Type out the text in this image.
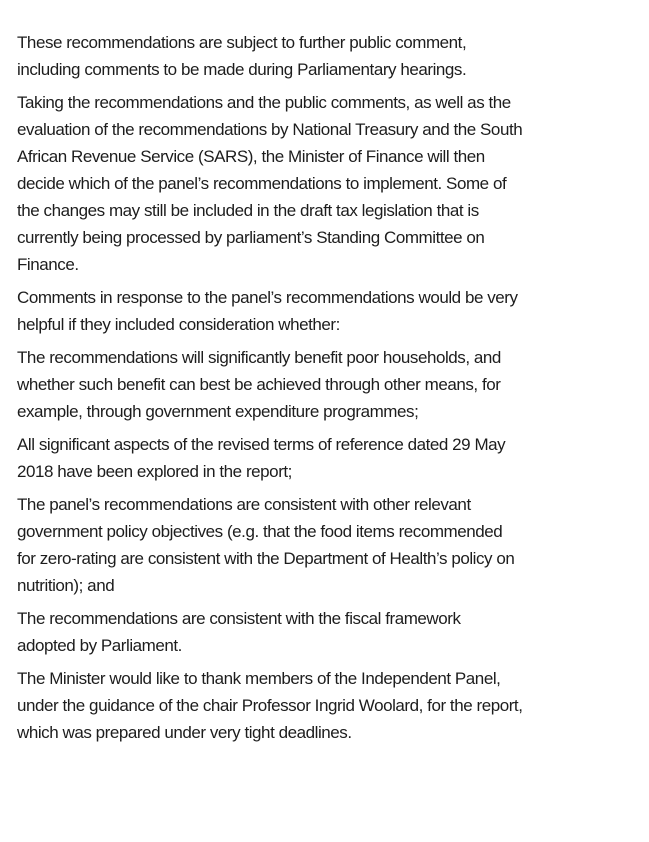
These recommendations are subject to further public comment,
including comments to be made during Parliamentary hearings.
Taking the recommendations and the public comments, as well as the
evaluation of the recommendations by National Treasury and the South
African Revenue Service (SARS), the Minister of Finance will then
decide which of the panel’s recommendations to implement. Some of
the changes may still be included in the draft tax legislation that is
currently being processed by parliament’s Standing Committee on
Finance.
Comments in response to the panel’s recommendations would be very
helpful if they included consideration whether:
The recommendations will significantly benefit poor households, and
whether such benefit can best be achieved through other means, for
example, through government expenditure programmes;
All significant aspects of the revised terms of reference dated 29 May
2018 have been explored in the report;
The panel’s recommendations are consistent with other relevant
government policy objectives (e.g. that the food items recommended
for zero-rating are consistent with the Department of Health’s policy on
nutrition); and
The recommendations are consistent with the fiscal framework
adopted by Parliament.
The Minister would like to thank members of the Independent Panel,
under the guidance of the chair Professor Ingrid Woolard, for the report,
which was prepared under very tight deadlines.
